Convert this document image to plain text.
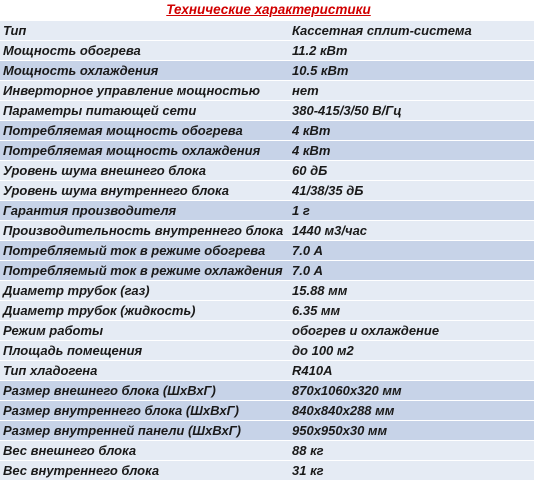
Технические характеристики	
Тип	Кассетная сплит-система
Мощность обогрева	11.2 кВт
Мощность охлаждения	10.5 кВт
Инверторное управление мощностью	нет
Параметры питающей сети	380-415/3/50 В/Гц
Потребляемая мощность обогрева	4 кВт
Потребляемая мощность охлаждения	4 кВт
Уровень шума внешнего блока	60 дБ
Уровень шума внутреннего блока	41/38/35 дБ
Гарантия производителя	1 г
Производительность внутреннего блока	1440 м3/час
Потребляемый ток в режиме обогрева	7.0 А
Потребляемый ток в режиме охлаждения	7.0 А
Диаметр трубок (газ)	15.88 мм
Диаметр трубок (жидкость)	6.35 мм
Режим работы	обогрев и охлаждение
Площадь помещения	до 100 м2
Тип хладогена	R410A
Размер внешнего блока (ШхВхГ)	870x1060x320 мм
Размер внутреннего блока (ШхВхГ)	840x840x288 мм
Размер внутренней панели (ШхВхГ)	950x950x30 мм
Вес внешнего блока	88 кг
Вес внутреннего блока	31 кг
